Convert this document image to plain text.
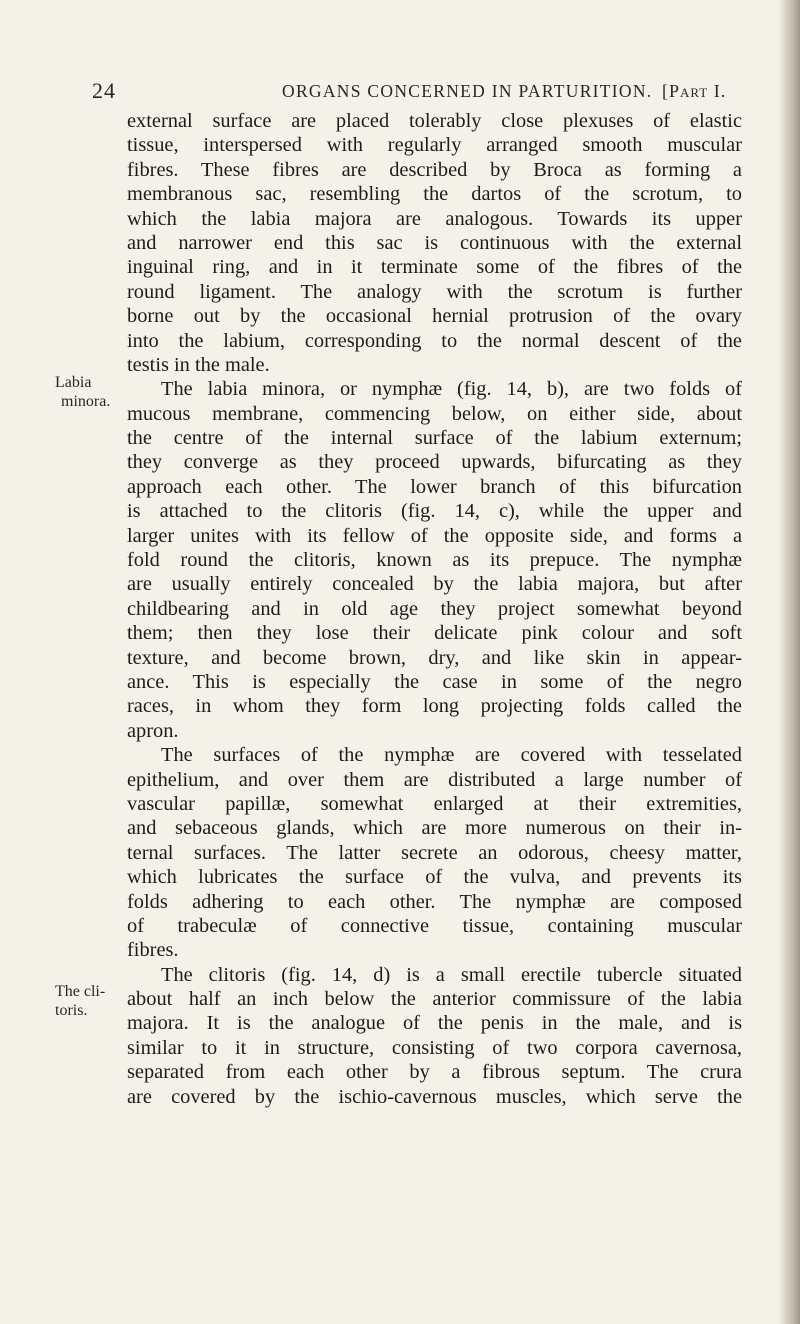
24	ORGANS CONCERNED IN PARTURITION. [Part I.
Labia
minora.
The cli-
toris.
external surface are placed tolerably close plexuses of elastic
tissue, interspersed with regularly arranged smooth muscular
fibres. These fibres are described by Broca as forming a
membranous sac, resembling the dartos of the scrotum, to
which the labia majora are analogous. Towards its upper
and narrower end this sac is continuous with the external
inguinal ring, and in it terminate some of the fibres of the
round ligament. The analogy with the scrotum is further
borne out by the occasional hernial protrusion of the ovary
into the labium, corresponding to the normal descent of the
testis in the male.
The labia minora, or nymphæ (fig. 14, b), are two folds of
mucous membrane, commencing below, on either side, about
the centre of the internal surface of the labium externum;
they converge as they proceed upwards, bifurcating as they
approach each other. The lower branch of this bifurcation
is attached to the clitoris (fig. 14, c), while the upper and
larger unites with its fellow of the opposite side, and forms a
fold round the clitoris, known as its prepuce. The nymphæ
are usually entirely concealed by the labia majora, but after
childbearing and in old age they project somewhat beyond
them; then they lose their delicate pink colour and soft
texture, and become brown, dry, and like skin in appear-
ance. This is especially the case in some of the negro
races, in whom they form long projecting folds called the
apron.
The surfaces of the nymphæ are covered with tesselated
epithelium, and over them are distributed a large number of
vascular papillæ, somewhat enlarged at their extremities,
and sebaceous glands, which are more numerous on their in-
ternal surfaces. The latter secrete an odorous, cheesy matter,
which lubricates the surface of the vulva, and prevents its
folds adhering to each other. The nymphæ are composed
of trabeculæ of connective tissue, containing muscular
fibres.
The clitoris (fig. 14, d) is a small erectile tubercle situated
about half an inch below the anterior commissure of the labia
majora. It is the analogue of the penis in the male, and is
similar to it in structure, consisting of two corpora cavernosa,
separated from each other by a fibrous septum. The crura
are covered by the ischio-cavernous muscles, which serve the
